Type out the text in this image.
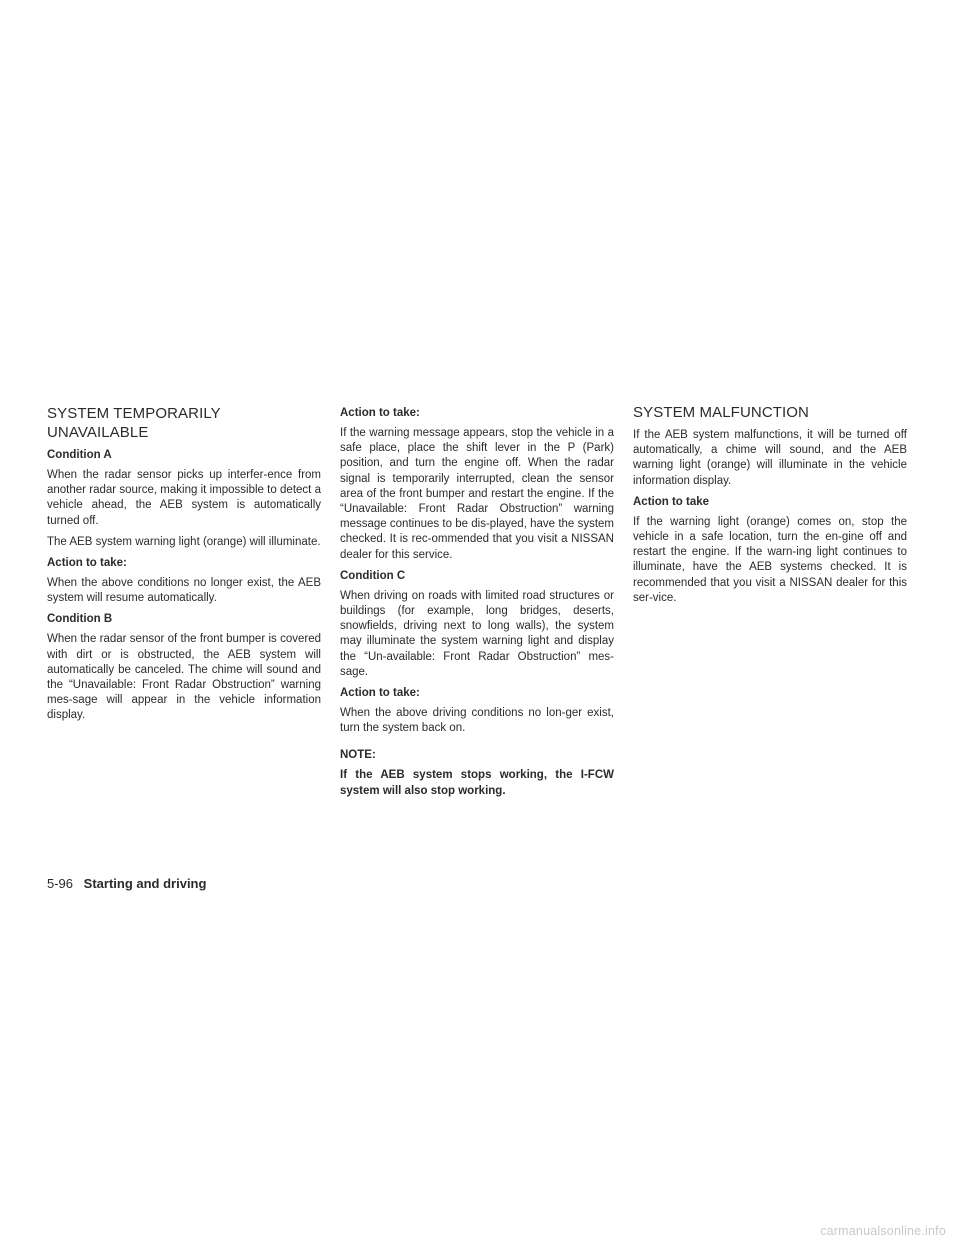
SYSTEM TEMPORARILY UNAVAILABLE
Condition A

When the radar sensor picks up interfer-ence from another radar source, making it impossible to detect a vehicle ahead, the AEB system is automatically turned off.

The AEB system warning light (orange) will illuminate.

Action to take:

When the above conditions no longer exist, the AEB system will resume automatically.

Condition B

When the radar sensor of the front bumper is covered with dirt or is obstructed, the AEB system will automatically be canceled. The chime will sound and the “Unavailable: Front Radar Obstruction” warning mes-sage will appear in the vehicle information display.

Action to take:

If the warning message appears, stop the vehicle in a safe place, place the shift lever in the P (Park) position, and turn the engine off. When the radar signal is temporarily interrupted, clean the sensor area of the front bumper and restart the engine. If the “Unavailable: Front Radar Obstruction” warning message continues to be dis-played, have the system checked. It is rec-ommended that you visit a NISSAN dealer for this service.

Condition C

When driving on roads with limited road structures or buildings (for example, long bridges, deserts, snowfields, driving next to long walls), the system may illuminate the system warning light and display the “Un-available: Front Radar Obstruction” mes-sage.

Action to take:

When the above driving conditions no lon-ger exist, turn the system back on.

NOTE:

If the AEB system stops working, the I-FCW system will also stop working.

SYSTEM MALFUNCTION

If the AEB system malfunctions, it will be turned off automatically, a chime will sound, and the AEB warning light (orange) will illuminate in the vehicle information display.

Action to take

If the warning light (orange) comes on, stop the vehicle in a safe location, turn the en-gine off and restart the engine. If the warn-ing light continues to illuminate, have the AEB systems checked. It is recommended that you visit a NISSAN dealer for this ser-vice.

5-96 Starting and driving
carmanualsonline.info
